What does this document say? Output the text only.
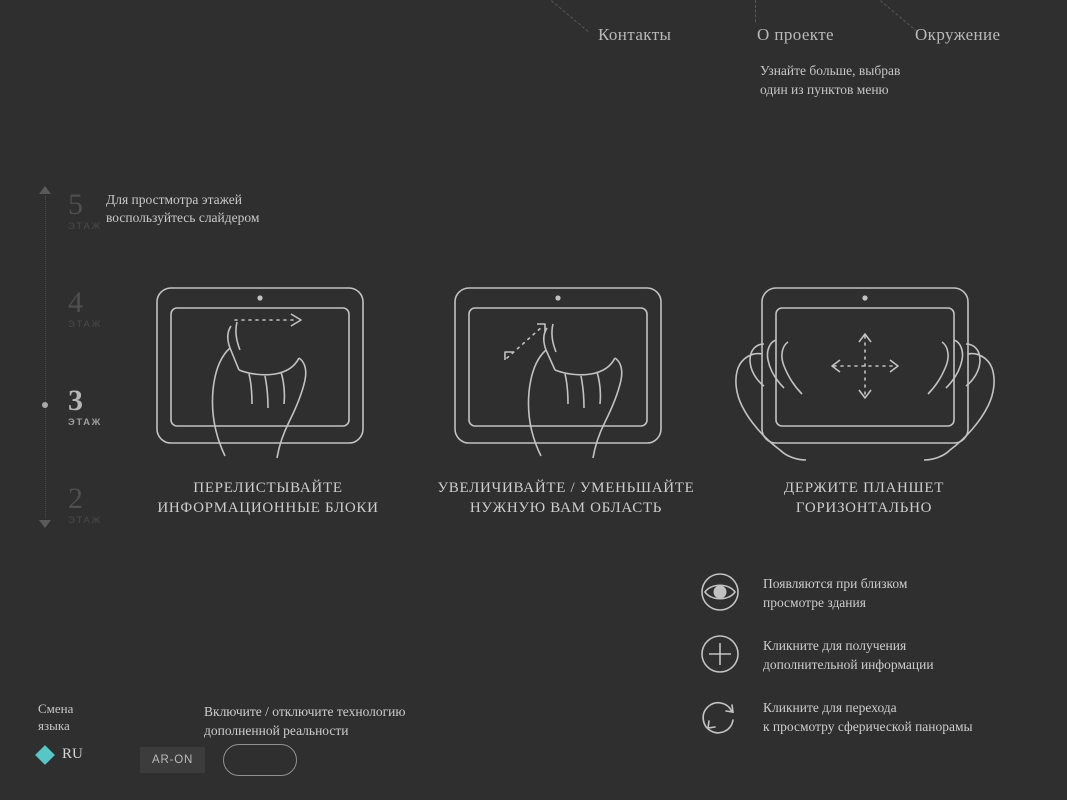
Контакты	О проекте	Окружение
Узнайте больше, выбрав
один из пунктов меню
5
ЭТАЖ
4
ЭТАЖ
3
ЭТАЖ
2
ЭТАЖ
Для простмотра этажей
воспользуйтесь слайдером
ПЕРЕЛИСТЫВАЙТЕ
ИНФОРМАЦИОННЫЕ БЛОКИ
УВЕЛИЧИВАЙТЕ / УМЕНЬШАЙТЕ
НУЖНУЮ ВАМ ОБЛАСТЬ
ДЕРЖИТЕ ПЛАНШЕТ
ГОРИЗОНТАЛЬНО
Появляются при близком
просмотре здания
Кликните для получения
дополнительной информации
Кликните для перехода
к просмотру сферической панорамы
Смена
языка
RU
Включите / отключите технологию
дополненной реальности
AR-ON
